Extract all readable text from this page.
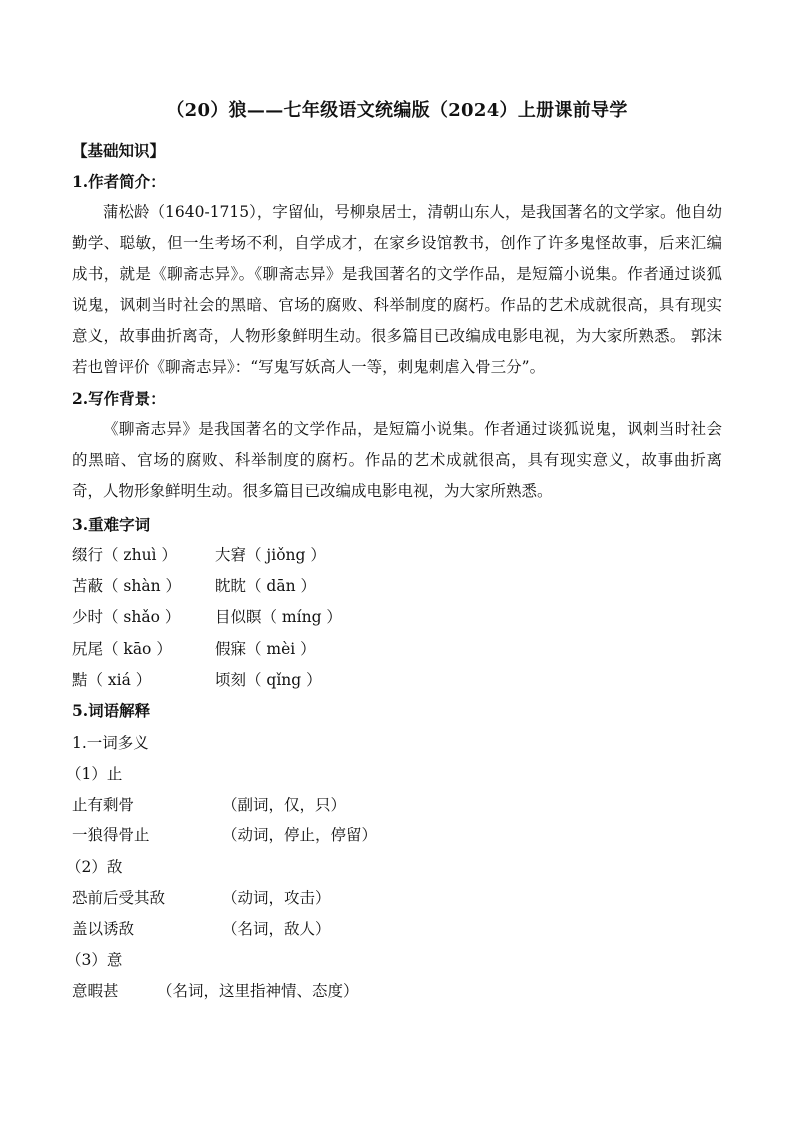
（20）狼——七年级语文统编版（2024）上册课前导学
【基础知识】
1.作者简介：
蒲松龄（1640-1715），字留仙，号柳泉居士，清朝山东人，是我国著名的文学家。他自幼勤学、聪敏，但一生考场不利，自学成才，在家乡设馆教书，创作了许多鬼怪故事，后来汇编成书，就是《聊斋志异》。《聊斋志异》是我国著名的文学作品，是短篇小说集。作者通过谈狐说鬼，讽刺当时社会的黑暗、官场的腐败、科举制度的腐朽。作品的艺术成就很高，具有现实意义，故事曲折离奇，人物形象鲜明生动。很多篇目已改编成电影电视，为大家所熟悉。 郭沫若也曾评价《聊斋志异》：“写鬼写妖高人一等，刺鬼刺虐入骨三分”。
2.写作背景：
《聊斋志异》是我国著名的文学作品，是短篇小说集。作者通过谈狐说鬼，讽刺当时社会的黑暗、官场的腐败、科举制度的腐朽。作品的艺术成就很高，具有现实意义，故事曲折离奇，人物形象鲜明生动。很多篇目已改编成电影电视，为大家所熟悉。
3.重难字词
缀行（ zhuì ） 大窘（ jiǒng ）
苫蔽（ shàn ） 眈眈（ dān ）
少时（ shǎo ） 目似瞑（ míng ）
尻尾（ kāo ）	假寐（ mèi ）
黠（ xiá ）	顷刻（ qǐng ）
5.词语解释
1.一词多义
（1）止
止有剩骨	（副词，仅，只）
一狼得骨止	（动词，停止，停留）
（2）敌
恐前后受其敌	（动词，攻击）
盖以诱敌	（名词，敌人）
（3）意
意暇甚 （名词，这里指神情、态度）
